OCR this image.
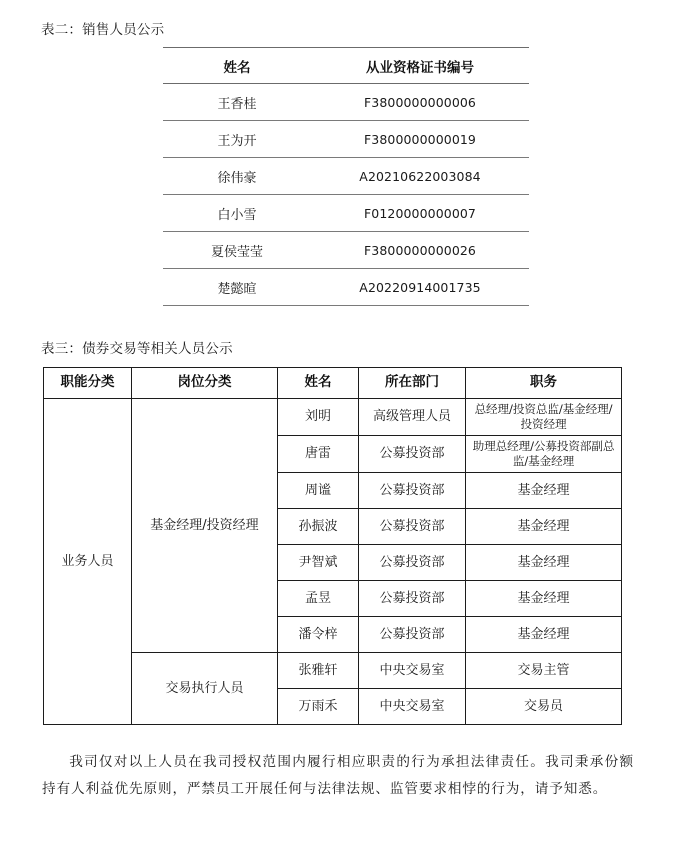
表二：销售人员公示
姓名	从业资格证书编号
王香桂	F3800000000006
王为开	F3800000000019
徐伟豪	A20210622003084
白小雪	F0120000000007
夏侯莹莹	F3800000000026
楚懿暄	A20220914001735
表三：债券交易等相关人员公示
职能分类	岗位分类	姓名	所在部门	职务
业务人员	基金经理/投资经理	刘明	高级管理人员	总经理/投资总监/基金经理/投资经理
		唐雷	公募投资部	助理总经理/公募投资部副总监/基金经理
		周谧	公募投资部	基金经理
		孙振波	公募投资部	基金经理
		尹智斌	公募投资部	基金经理
		孟昱	公募投资部	基金经理
		潘令梓	公募投资部	基金经理
	交易执行人员	张雅轩	中央交易室	交易主管
		万雨禾	中央交易室	交易员

我司仅对以上人员在我司授权范围内履行相应职责的行为承担法律责任。我司秉承份额持有人利益优先原则，严禁员工开展任何与法律法规、监管要求相悖的行为，请予知悉。
